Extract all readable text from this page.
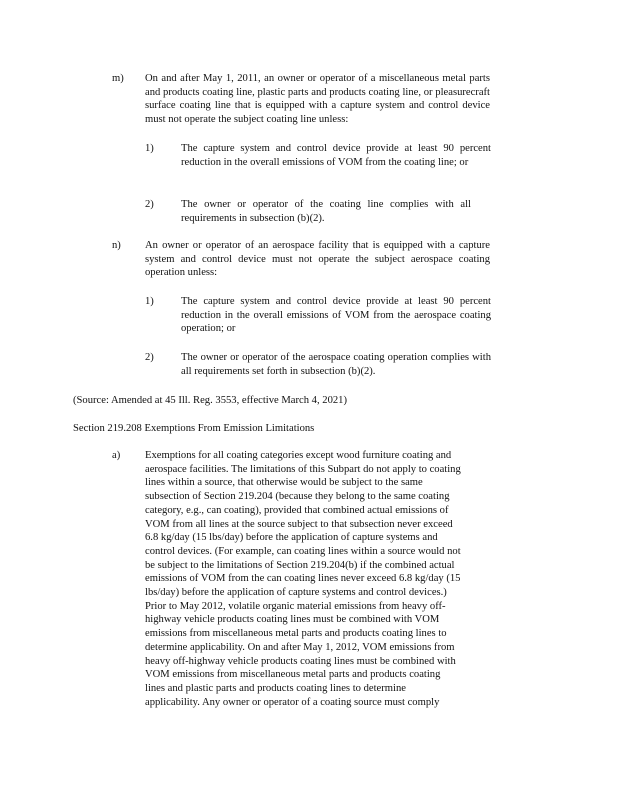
m)	On and after May 1, 2011, an owner or operator of a miscellaneous metal parts and products coating line, plastic parts and products coating line, or pleasurecraft surface coating line that is equipped with a capture system and control device must not operate the subject coating line unless:
1)	The capture system and control device provide at least 90 percent reduction in the overall emissions of VOM from the coating line; or
2)	The owner or operator of the coating line complies with all requirements in subsection (b)(2).
n)	An owner or operator of an aerospace facility that is equipped with a capture system and control device must not operate the subject aerospace coating operation unless:
1)	The capture system and control device provide at least 90 percent reduction in the overall emissions of VOM from the aerospace coating operation; or
2)	The owner or operator of the aerospace coating operation complies with all requirements set forth in subsection (b)(2).
(Source: Amended at 45 Ill. Reg. 3553, effective March 4, 2021)
Section 219.208 Exemptions From Emission Limitations
a)	Exemptions for all coating categories except wood furniture coating and
aerospace facilities. The limitations of this Subpart do not apply to coating
lines within a source, that otherwise would be subject to the same
subsection of Section 219.204 (because they belong to the same coating
category, e.g., can coating), provided that combined actual emissions of
VOM from all lines at the source subject to that subsection never exceed
6.8 kg/day (15 lbs/day) before the application of capture systems and
control devices. (For example, can coating lines within a source would not
be subject to the limitations of Section 219.204(b) if the combined actual
emissions of VOM from the can coating lines never exceed 6.8 kg/day (15
lbs/day) before the application of capture systems and control devices.)
Prior to May 2012, volatile organic material emissions from heavy off-
highway vehicle products coating lines must be combined with VOM
emissions from miscellaneous metal parts and products coating lines to
determine applicability. On and after May 1, 2012, VOM emissions from
heavy off-highway vehicle products coating lines must be combined with
VOM emissions from miscellaneous metal parts and products coating
lines and plastic parts and products coating lines to determine
applicability. Any owner or operator of a coating source must comply
